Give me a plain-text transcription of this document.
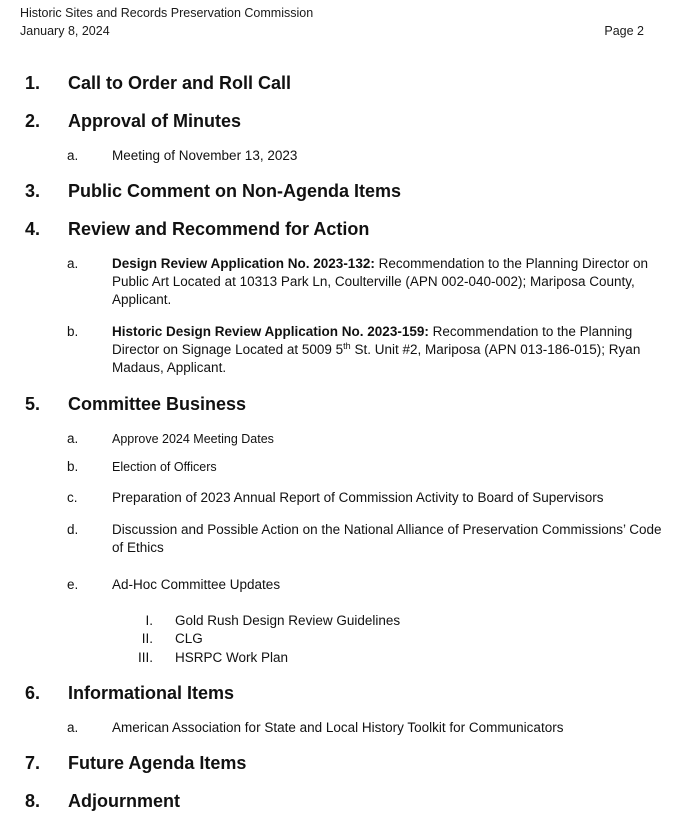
Historic Sites and Records Preservation Commission
January 8, 2024	Page 2
1. Call to Order and Roll Call
2. Approval of Minutes
a. Meeting of November 13, 2023
3. Public Comment on Non-Agenda Items
4. Review and Recommend for Action
a. Design Review Application No. 2023-132: Recommendation to the Planning Director on Public Art Located at 10313 Park Ln, Coulterville (APN 002-040-002); Mariposa County, Applicant.
b. Historic Design Review Application No. 2023-159: Recommendation to the Planning Director on Signage Located at 5009 5th St. Unit #2, Mariposa (APN 013-186-015); Ryan Madaus, Applicant.
5. Committee Business
a.	Approve 2024 Meeting Dates
b.	Election of Officers
c.	Preparation of 2023 Annual Report of Commission Activity to Board of Supervisors
d. Discussion and Possible Action on the National Alliance of Preservation Commissions’ Code of Ethics
e. Ad-Hoc Committee Updates
I. Gold Rush Design Review Guidelines
II. CLG
III. HSRPC Work Plan
6. Informational Items
a. American Association for State and Local History Toolkit for Communicators
7. Future Agenda Items
8. Adjournment
